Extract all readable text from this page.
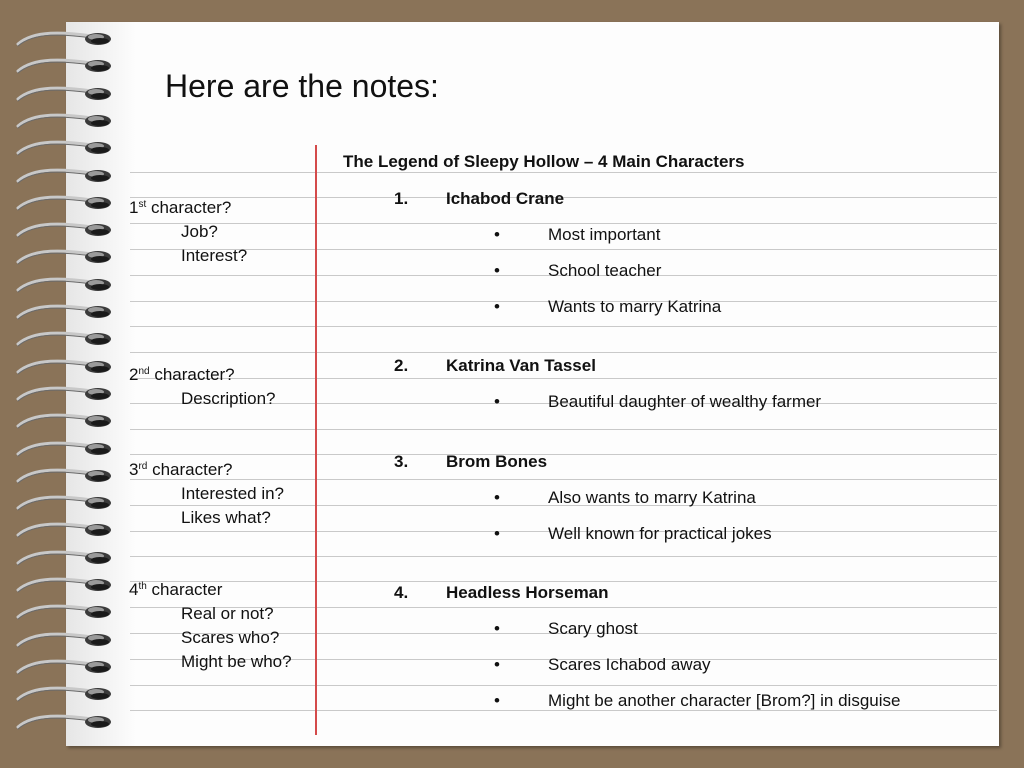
Here are the notes:
The Legend of Sleepy Hollow – 4 Main Characters
1. Ichabod Crane
•	Most important
•	School teacher
•	Wants to marry Katrina
2. Katrina Van Tassel
•	Beautiful daughter of wealthy farmer
3. Brom Bones
•	Also wants to marry Katrina
•	Well known for practical jokes
4. Headless Horseman
•	Scary ghost
•	Scares Ichabod away
•	Might be another character [Brom?] in disguise
1st character?
Job?
Interest?
2nd character?
Description?
3rd character?
Interested in?
Likes what?
4th character
Real or not?
Scares who?
Might be who?
